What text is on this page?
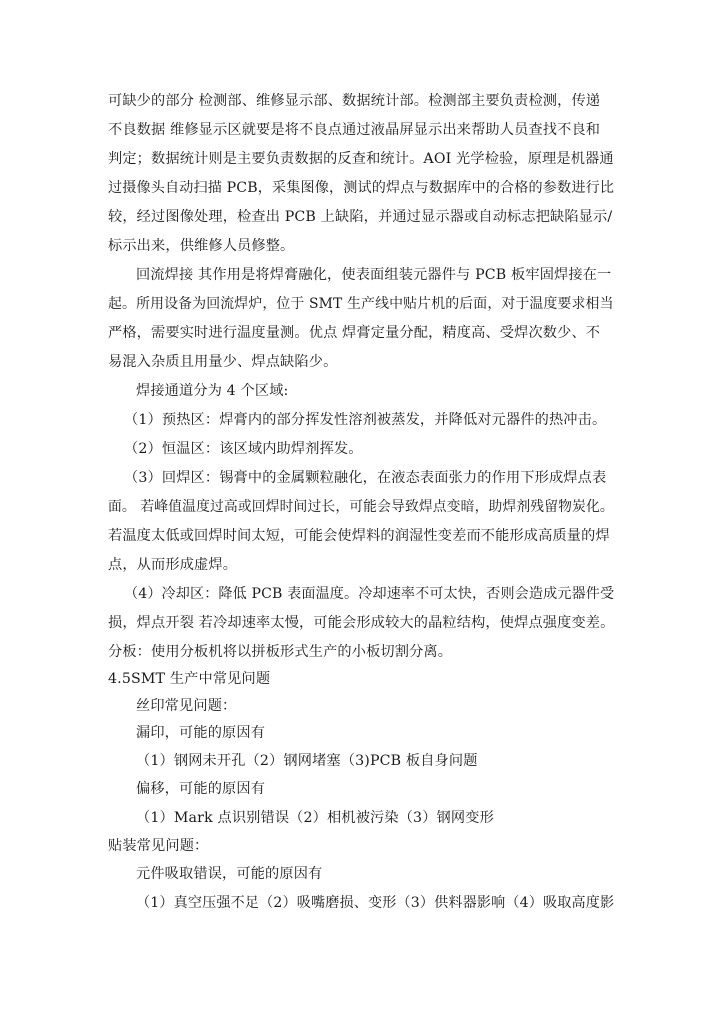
可缺少的部分 检测部、维修显示部、数据统计部。检测部主要负责检测，传递
不良数据 维修显示区就要是将不良点通过液晶屏显示出来帮助人员查找不良和
判定；数据统计则是主要负责数据的反查和统计。AOI 光学检验，原理是机器通
过摄像头自动扫描 PCB，采集图像，测试的焊点与数据库中的合格的参数进行比
较，经过图像处理，检查出 PCB 上缺陷，并通过显示器或自动标志把缺陷显示/
标示出来，供维修人员修整。
回流焊接 其作用是将焊膏融化，使表面组装元器件与 PCB 板牢固焊接在一
起。所用设备为回流焊炉，位于 SMT 生产线中贴片机的后面，对于温度要求相当
严格，需要实时进行温度量测。优点 焊膏定量分配，精度高、受焊次数少、不
易混入杂质且用量少、焊点缺陷少。
焊接通道分为 4 个区域:
（1）预热区：焊膏内的部分挥发性溶剂被蒸发，并降低对元器件的热冲击。
（2）恒温区：该区域内助焊剂挥发。
（3）回焊区：锡膏中的金属颗粒融化，在液态表面张力的作用下形成焊点表
面。 若峰值温度过高或回焊时间过长，可能会导致焊点变暗，助焊剂残留物炭化。
若温度太低或回焊时间太短，可能会使焊料的润湿性变差而不能形成高质量的焊
点，从而形成虚焊。
（4）冷却区：降低 PCB 表面温度。冷却速率不可太快，否则会造成元器件受
损，焊点开裂 若冷却速率太慢，可能会形成较大的晶粒结构，使焊点强度变差。
分板：使用分板机将以拼板形式生产的小板切割分离。
4.5SMT 生产中常见问题
丝印常见问题：
漏印，可能的原因有
（1）钢网未开孔（2）钢网堵塞（3)PCB 板自身问题
偏移，可能的原因有
（1）Mark 点识别错误（2）相机被污染（3）钢网变形
贴装常见问题：
元件吸取错误，可能的原因有
（1）真空压强不足（2）吸嘴磨损、变形（3）供料器影响（4）吸取高度影
